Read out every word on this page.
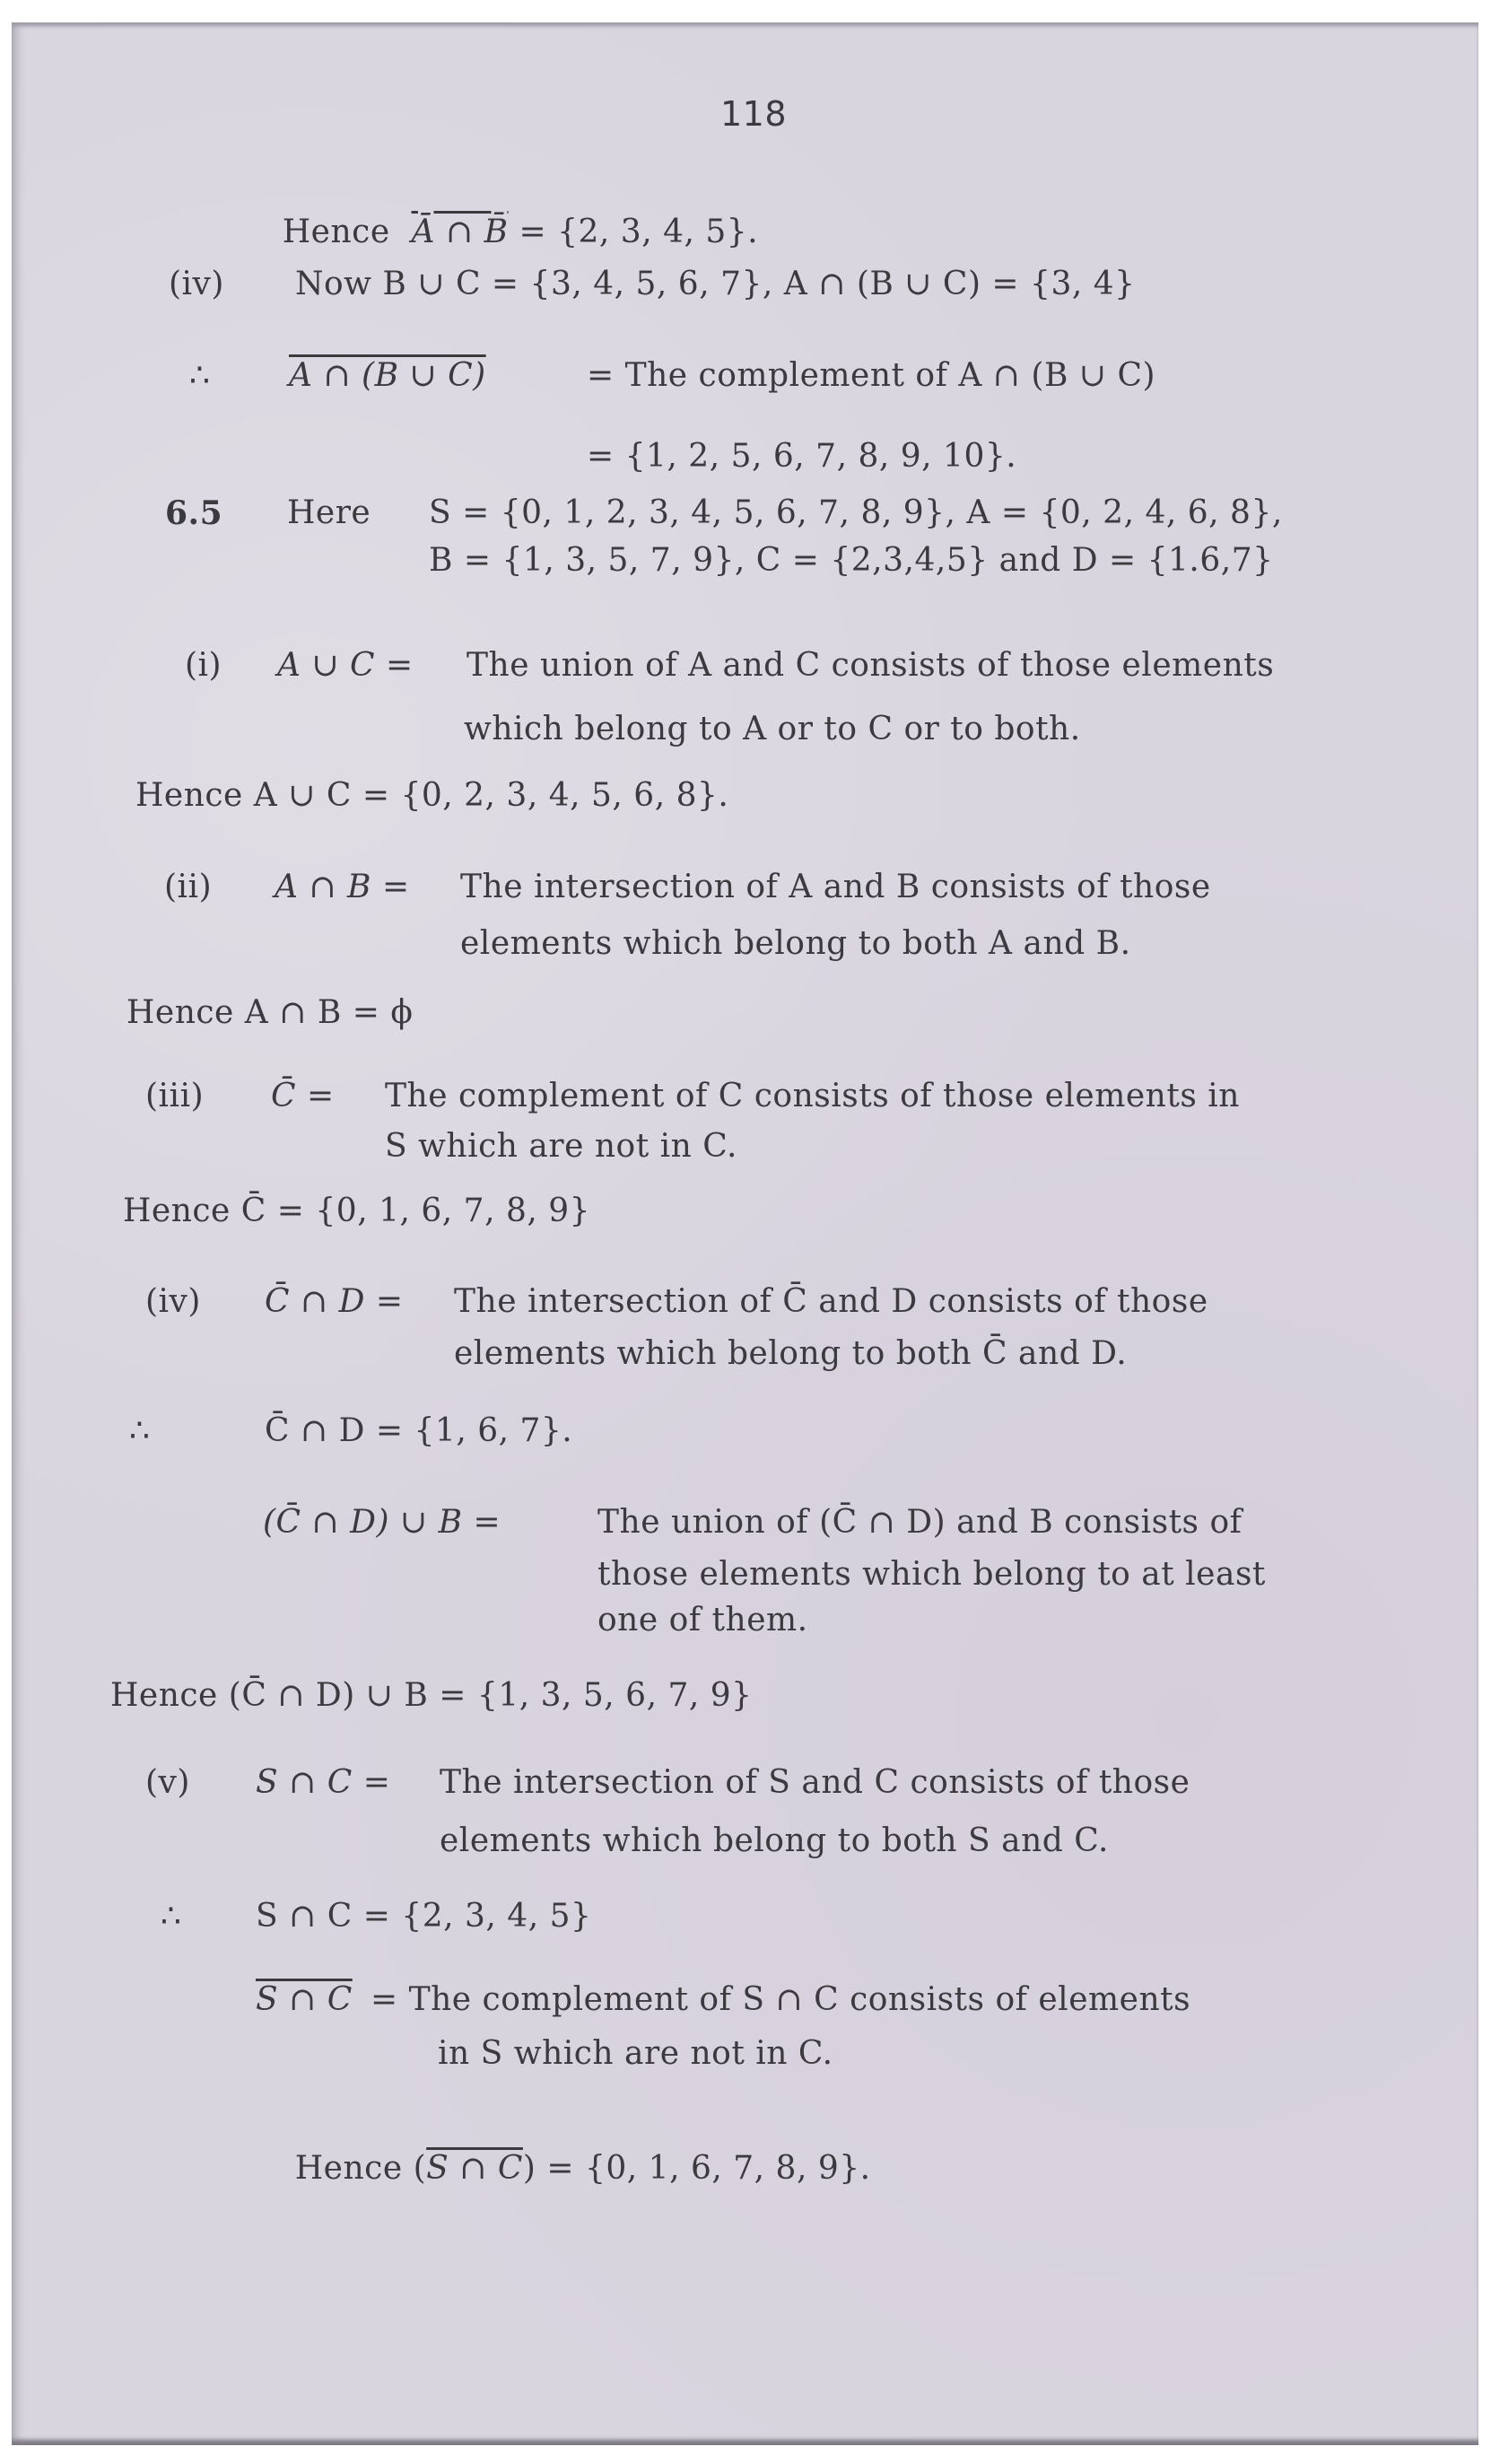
118

Hence Ā ∩ B̄ = {2, 3, 4, 5}.

(iv) Now B ∪ C = {3, 4, 5, 6, 7}, A ∩ (B ∪ C) = {3, 4}
∴ A ∩ (B ∪ C)	= The complement of A ∩ (B ∪ C)
= {1, 2, 5, 6, 7, 8, 9, 10}.
6.5 Here S = {0, 1, 2, 3, 4, 5, 6, 7, 8, 9}, A = {0, 2, 4, 6, 8},
B = {1, 3, 5, 7, 9}, C = {2,3,4,5} and D = {1.6,7}
(i) A ∪ C = The union of A and C consists of those elements
which belong to A or to C or to both.
Hence A ∪ C = {0, 2, 3, 4, 5, 6, 8}.
(ii) A ∩ B = The intersection of A and B consists of those
elements which belong to both A and B.
Hence A ∩ B = ϕ
(iii) C̄ = The complement of C consists of those elements in
S which are not in C.
Hence C̄ = {0, 1, 6, 7, 8, 9}
(iv) C̄ ∩ D = The intersection of C̄ and D consists of those
elements which belong to both C̄ and D.
∴	C̄ ∩ D = {1, 6, 7}.
(C̄ ∩ D) ∪ B =	The union of (C̄ ∩ D) and B consists of
those elements which belong to at least
one of them.
Hence (C̄ ∩ D) ∪ B = {1, 3, 5, 6, 7, 9}
(v) S ∩ C = The intersection of S and C consists of those
elements which belong to both S and C.
∴ S ∩ C = {2, 3, 4, 5}
S ∩ C = The complement of S ∩ C consists of elements
in S which are not in C.

Hence (S ∩ C) = {0, 1, 6, 7, 8, 9}.
